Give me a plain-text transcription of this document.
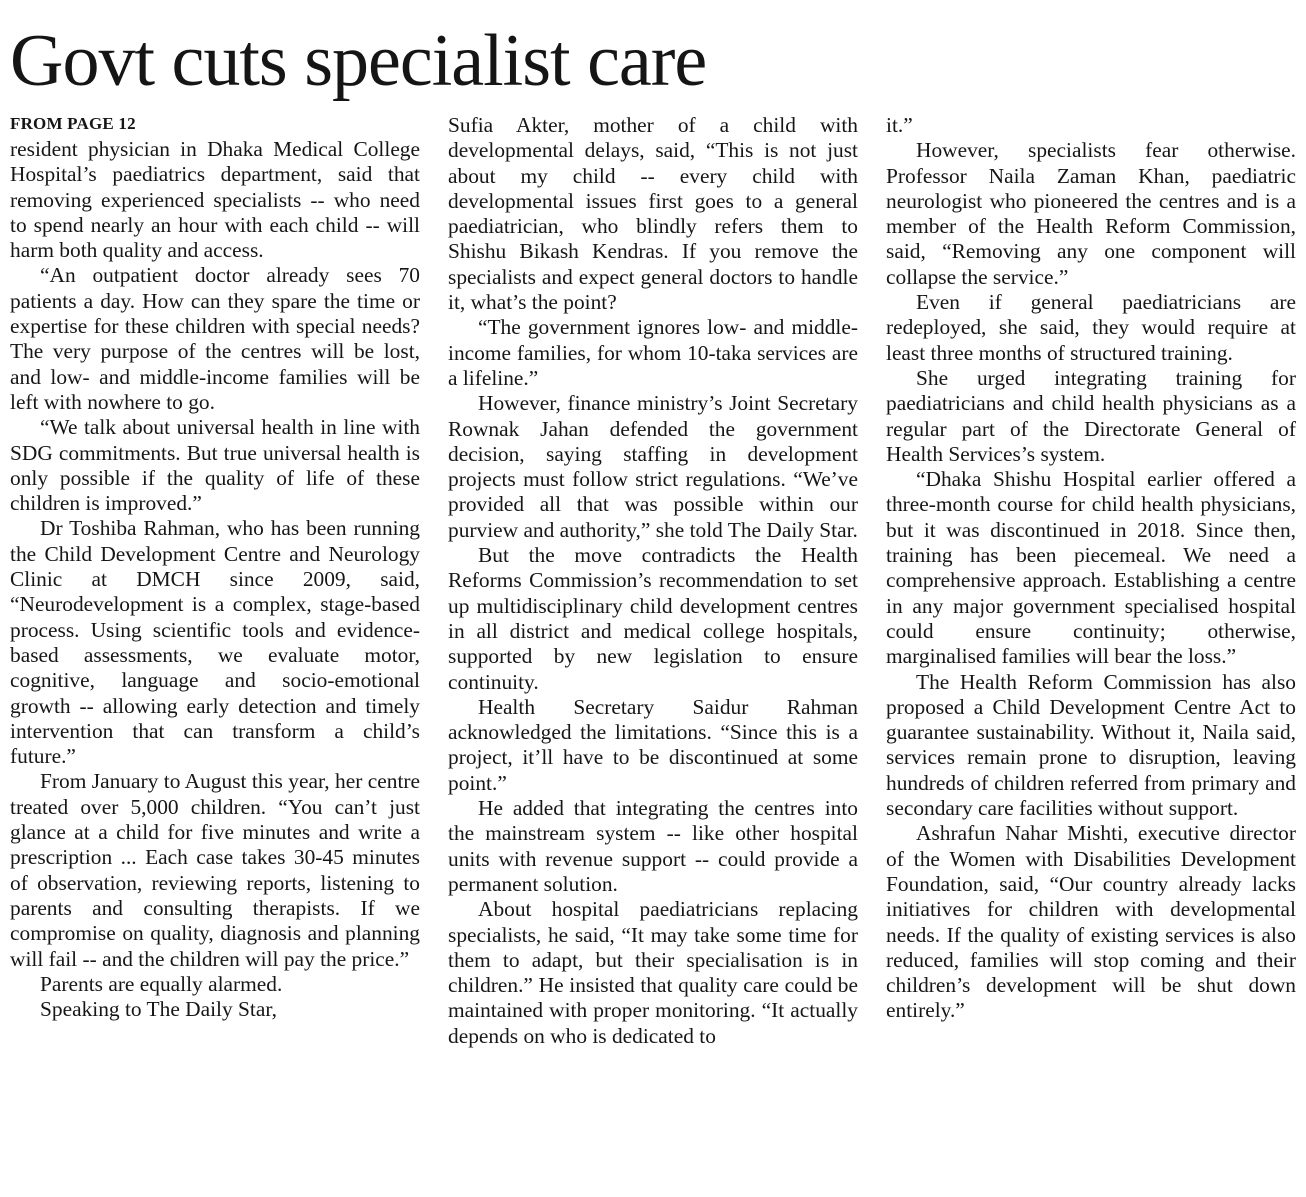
Govt cuts specialist care
FROM PAGE 12

resident physician in Dhaka Medical College Hospital’s paediatrics department, said that removing experienced specialists -- who need to spend nearly an hour with each child -- will harm both quality and access.

“An outpatient doctor already sees 70 patients a day. How can they spare the time or expertise for these children with special needs? The very purpose of the centres will be lost, and low- and middle-income families will be left with nowhere to go.

“We talk about universal health in line with SDG commitments. But true universal health is only possible if the quality of life of these children is improved.”

Dr Toshiba Rahman, who has been running the Child Development Centre and Neurology Clinic at DMCH since 2009, said, “Neurodevelopment is a complex, stage-based process. Using scientific tools and evidence-based assessments, we evaluate motor, cognitive, language and socio-emotional growth -- allowing early detection and timely intervention that can transform a child’s future.”

From January to August this year, her centre treated over 5,000 children. “You can’t just glance at a child for five minutes and write a prescription ... Each case takes 30-45 minutes of observation, reviewing reports, listening to parents and consulting therapists. If we compromise on quality, diagnosis and planning will fail -- and the children will pay the price.”

Parents are equally alarmed.

Speaking to The Daily Star,

Sufia Akter, mother of a child with developmental delays, said, “This is not just about my child -- every child with developmental issues first goes to a general paediatrician, who blindly refers them to Shishu Bikash Kendras. If you remove the specialists and expect general doctors to handle it, what’s the point?

“The government ignores low- and middle-income families, for whom 10-taka services are a lifeline.”

However, finance ministry’s Joint Secretary Rownak Jahan defended the government decision, saying staffing in development projects must follow strict regulations. “We’ve provided all that was possible within our purview and authority,” she told The Daily Star.

But the move contradicts the Health Reforms Commission’s recommendation to set up multidisciplinary child development centres in all district and medical college hospitals, supported by new legislation to ensure continuity.

Health Secretary Saidur Rahman acknowledged the limitations. “Since this is a project, it’ll have to be discontinued at some point.”

He added that integrating the centres into the mainstream system -- like other hospital units with revenue support -- could provide a permanent solution.

About hospital paediatricians replacing specialists, he said, “It may take some time for them to adapt, but their specialisation is in children.” He insisted that quality care could be maintained with proper monitoring. “It actually depends on who is dedicated to

it.”

However, specialists fear otherwise. Professor Naila Zaman Khan, paediatric neurologist who pioneered the centres and is a member of the Health Reform Commission, said, “Removing any one component will collapse the service.”

Even if general paediatricians are redeployed, she said, they would require at least three months of structured training.

She urged integrating training for paediatricians and child health physicians as a regular part of the Directorate General of Health Services’s system.

“Dhaka Shishu Hospital earlier offered a three-month course for child health physicians, but it was discontinued in 2018. Since then, training has been piecemeal. We need a comprehensive approach. Establishing a centre in any major government specialised hospital could ensure continuity; otherwise, marginalised families will bear the loss.”

The Health Reform Commission has also proposed a Child Development Centre Act to guarantee sustainability. Without it, Naila said, services remain prone to disruption, leaving hundreds of children referred from primary and secondary care facilities without support.

Ashrafun Nahar Mishti, executive director of the Women with Disabilities Development Foundation, said, “Our country already lacks initiatives for children with developmental needs. If the quality of existing services is also reduced, families will stop coming and their children’s development will be shut down entirely.”
